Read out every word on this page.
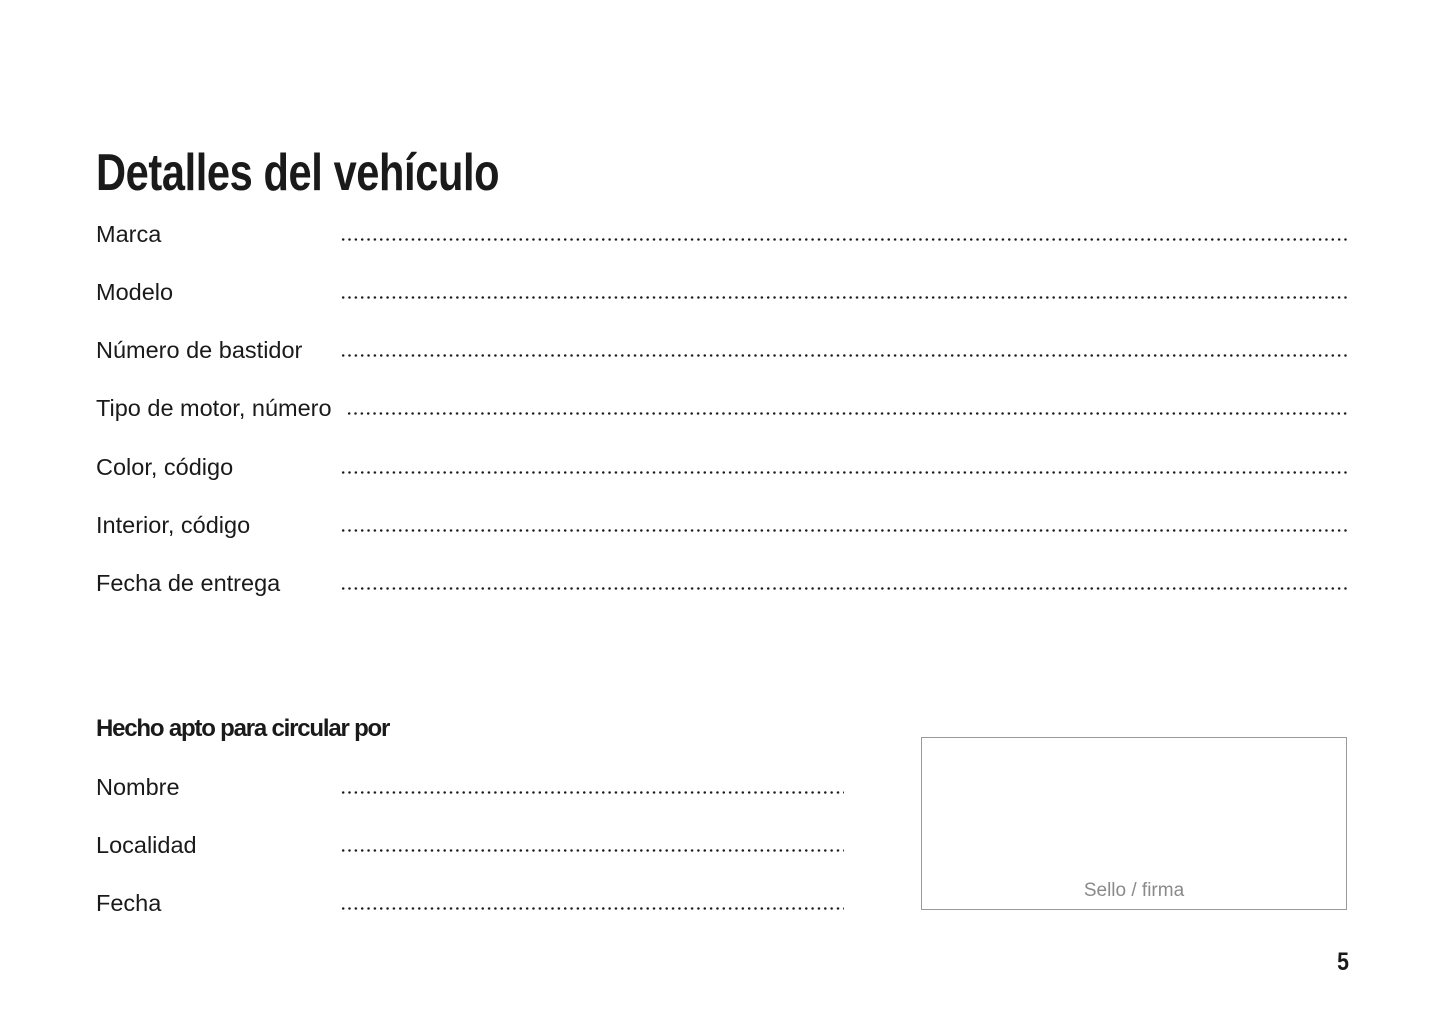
Detalles del vehículo
Marca
Modelo
Número de bastidor
Tipo de motor, número
Color, código
Interior, código
Fecha de entrega
Hecho apto para circular por
Nombre
Localidad
Fecha	Sello / firma
5
